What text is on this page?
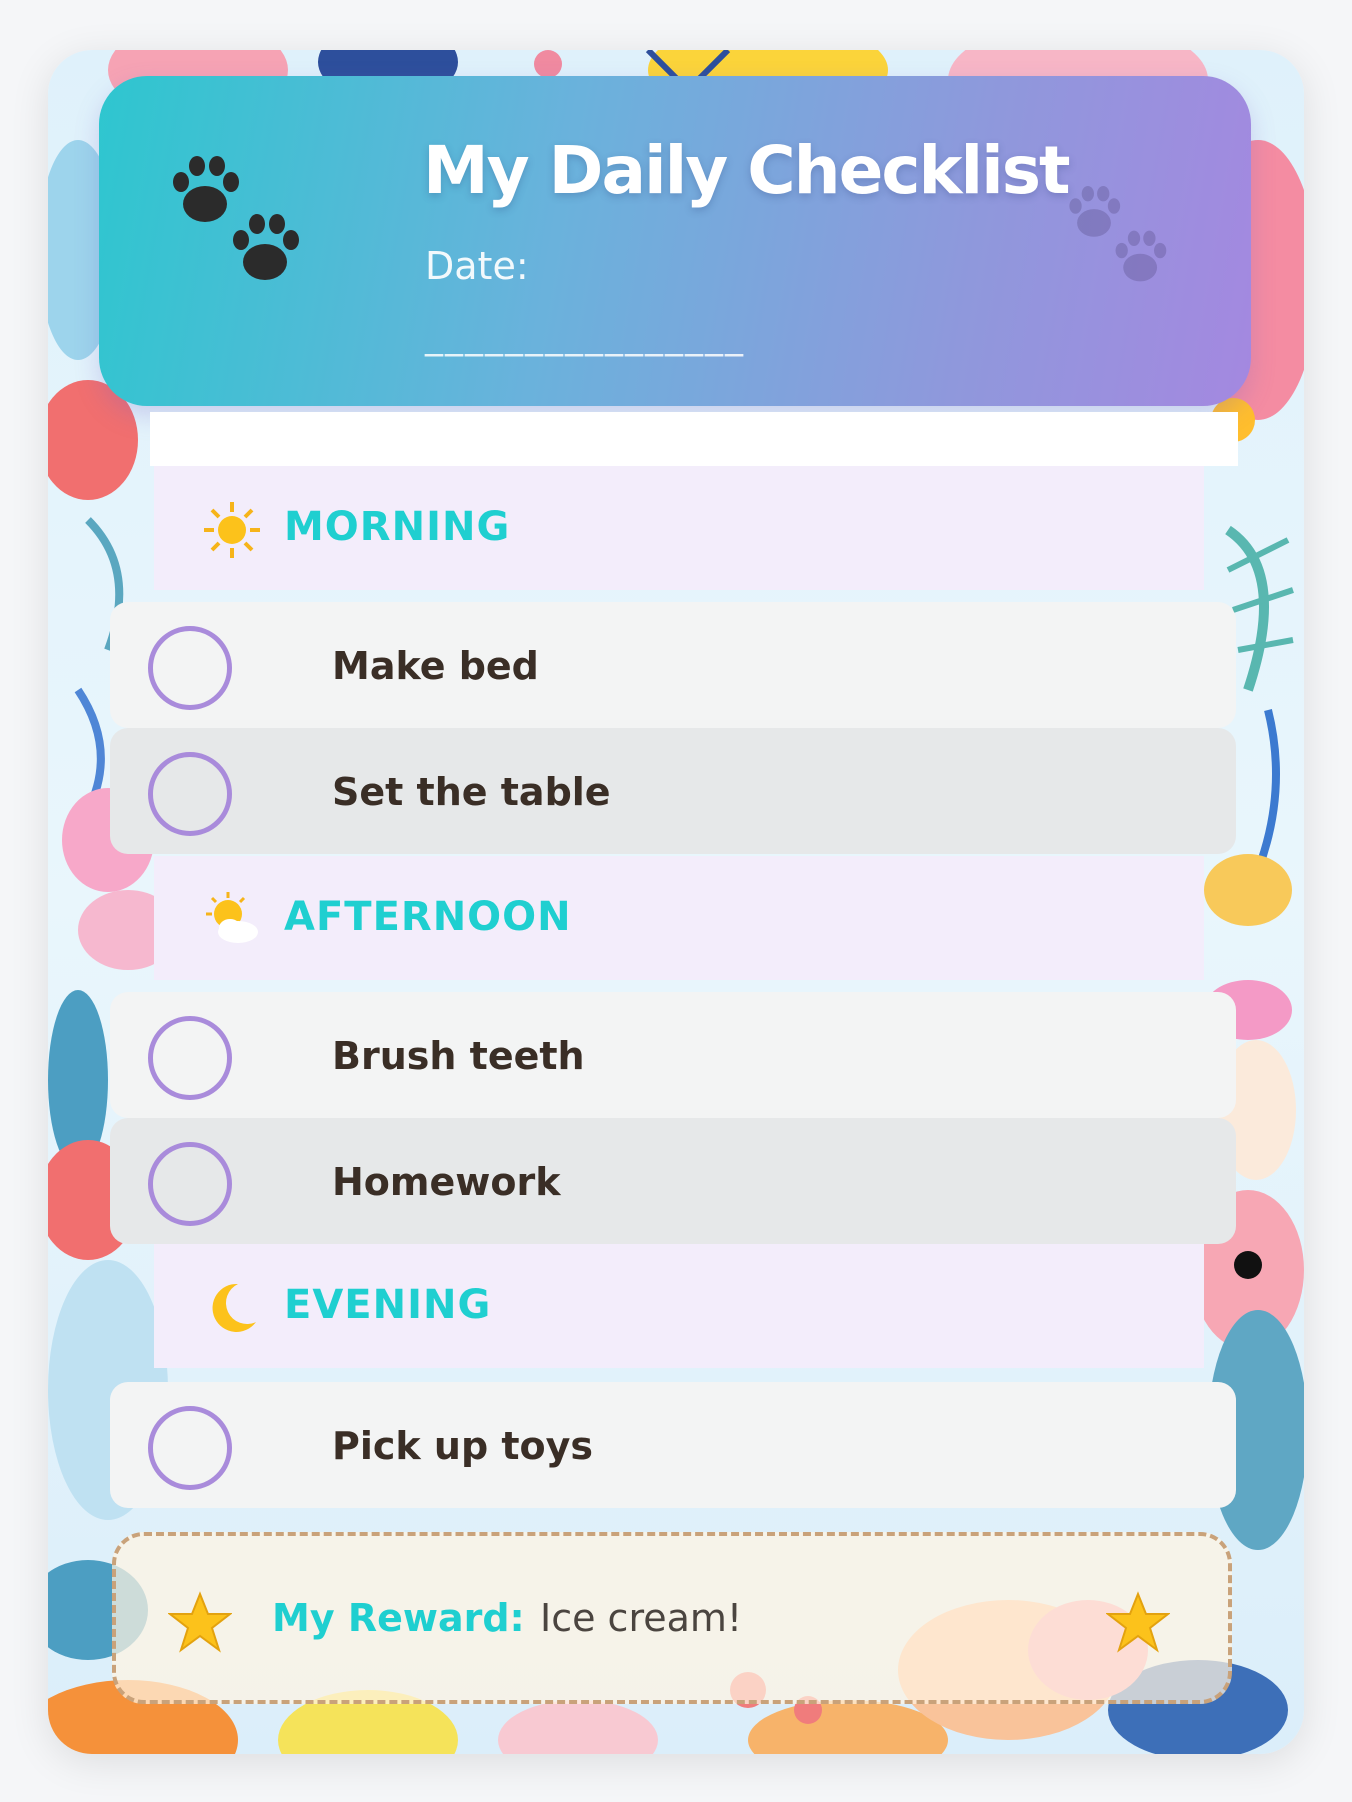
My Daily Checklist
Date:
________________
MORNING
Make bed
Set the table
AFTERNOON
Brush teeth
Homework
EVENING
Pick up toys
My Reward: Ice cream!
